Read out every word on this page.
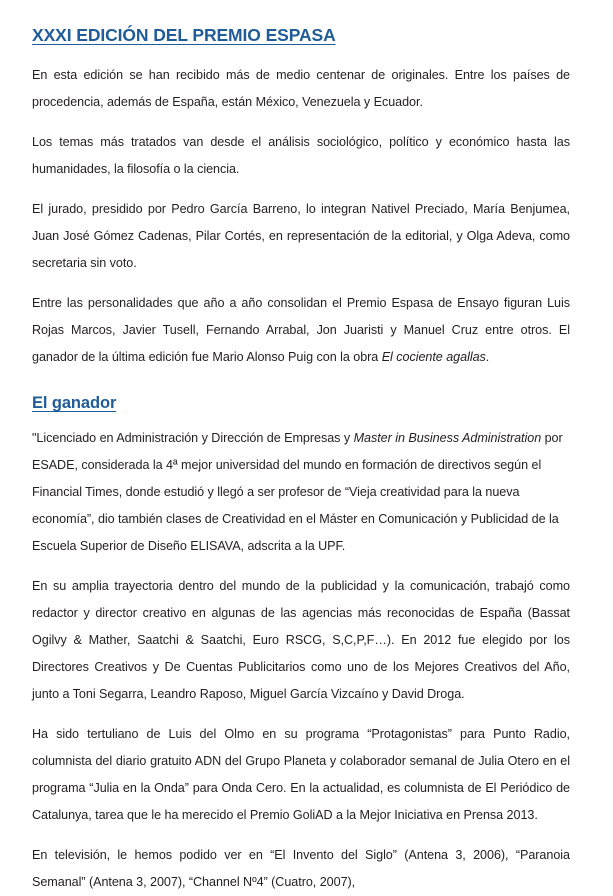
XXXI EDICIÓN DEL PREMIO ESPASA

En esta edición se han recibido más de medio centenar de originales. Entre los países de procedencia, además de España, están México, Venezuela y Ecuador.

Los temas más tratados van desde el análisis sociológico, político y económico hasta las humanidades, la filosofía o la ciencia.

El jurado, presidido por Pedro García Barreno, lo integran Nativel Preciado, María Benjumea, Juan José Gómez Cadenas, Pilar Cortés, en representación de la editorial, y Olga Adeva, como secretaria sin voto.

Entre las personalidades que año a año consolidan el Premio Espasa de Ensayo figuran Luis Rojas Marcos, Javier Tusell, Fernando Arrabal, Jon Juaristi y Manuel Cruz entre otros. El ganador de la última edición fue Mario Alonso Puig con la obra El cociente agallas.

El ganador

"Licenciado en Administración y Dirección de Empresas y Master in Business Administration por ESADE, considerada la 4ª mejor universidad del mundo en formación de directivos según el Financial Times, donde estudió y llegó a ser profesor de “Vieja creatividad para la nueva economía”, dio también clases de Creatividad en el Máster en Comunicación y Publicidad de la Escuela Superior de Diseño ELISAVA, adscrita a la UPF.

En su amplia trayectoria dentro del mundo de la publicidad y la comunicación, trabajó como redactor y director creativo en algunas de las agencias más reconocidas de España (Bassat Ogilvy & Mather, Saatchi & Saatchi, Euro RSCG, S,C,P,F…). En 2012 fue elegido por los Directores Creativos y De Cuentas Publicitarios como uno de los Mejores Creativos del Año, junto a Toni Segarra, Leandro Raposo, Miguel García Vizcaíno y David Droga.

Ha sido tertuliano de Luis del Olmo en su programa “Protagonistas” para Punto Radio, columnista del diario gratuito ADN del Grupo Planeta y colaborador semanal de Julia Otero en el programa “Julia en la Onda” para Onda Cero. En la actualidad, es columnista de El Periódico de Catalunya, tarea que le ha merecido el Premio GoliAD a la Mejor Iniciativa en Prensa 2013.

En televisión, le hemos podido ver en “El Invento del Siglo” (Antena 3, 2006), “Paranoia Semanal” (Antena 3, 2007), “Channel Nº4” (Cuatro, 2007),
